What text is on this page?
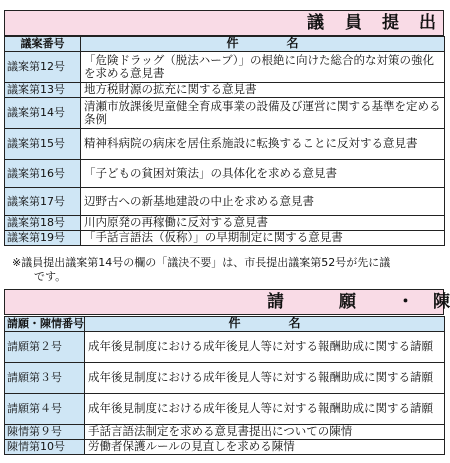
議 員 提 出
議案番号	件　　　　名
議案第12号	「危険ドラッグ（脱法ハーブ）」の根絶に向けた総合的な対策の強化を求める意見書
議案第13号	地方税財源の拡充に関する意見書
議案第14号	清瀬市放課後児童健全育成事業の設備及び運営に関する基準を定める条例
議案第15号	精神科病院の病床を居住系施設に転換することに反対する意見書
議案第16号	「子どもの貧困対策法」の具体化を求める意見書
議案第17号	辺野古への新基地建設の中止を求める意見書
議案第18号	川内原発の再稼働に反対する意見書
議案第19号	「手話言語法（仮称）」の早期制定に関する意見書
※議員提出議案第14号の欄の「議決不要」は、市長提出議案第52号が先に議
です。
請	願 ・ 陳
請願・陳情番号	件　　　　名
請願第２号	成年後見制度における成年後見人等に対する報酬助成に関する請願
請願第３号	成年後見制度における成年後見人等に対する報酬助成に関する請願
請願第４号	成年後見制度における成年後見人等に対する報酬助成に関する請願
陳情第９号	手話言語法制定を求める意見書提出についての陳情
陳情第10号	労働者保護ルールの見直しを求める陳情
